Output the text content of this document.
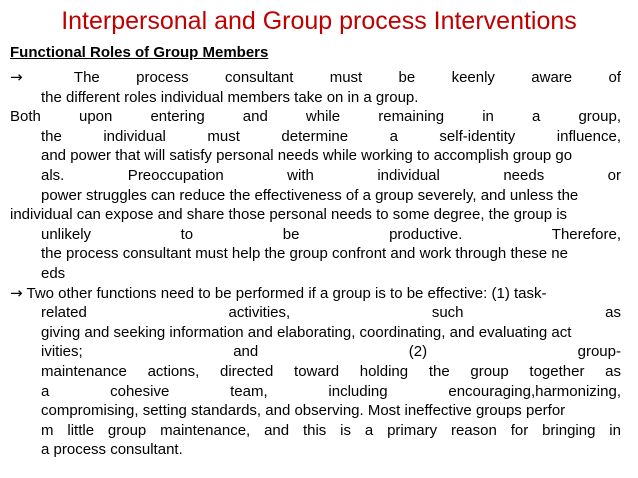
Interpersonal and Group process Interventions
Functional Roles of Group Members
→	The process consultant must be keenly aware of
the different roles individual members take on in a group.
Both upon entering and while remaining in a group,
the individual must determine a self-identity influence,
and power that will satisfy personal needs while working to accomplish group go
als. Preoccupation with individual needs or
power struggles can reduce the effectiveness of a group severely, and unless the
individual can expose and share those personal needs to some degree, the group is
unlikely to be productive. Therefore,
the process consultant must help the group confront and work through these ne
eds
→ Two other functions need to be performed if a group is to be effective: (1) task-
related activities, such as
giving and seeking information and elaborating, coordinating, and evaluating act
ivities; and (2) group-
maintenance actions, directed toward holding the group together as
a cohesive team, including encouraging,harmonizing,
compromising, setting standards, and observing. Most ineffective groups perfor
m little group maintenance, and this is a primary reason for bringing in
a process consultant.
